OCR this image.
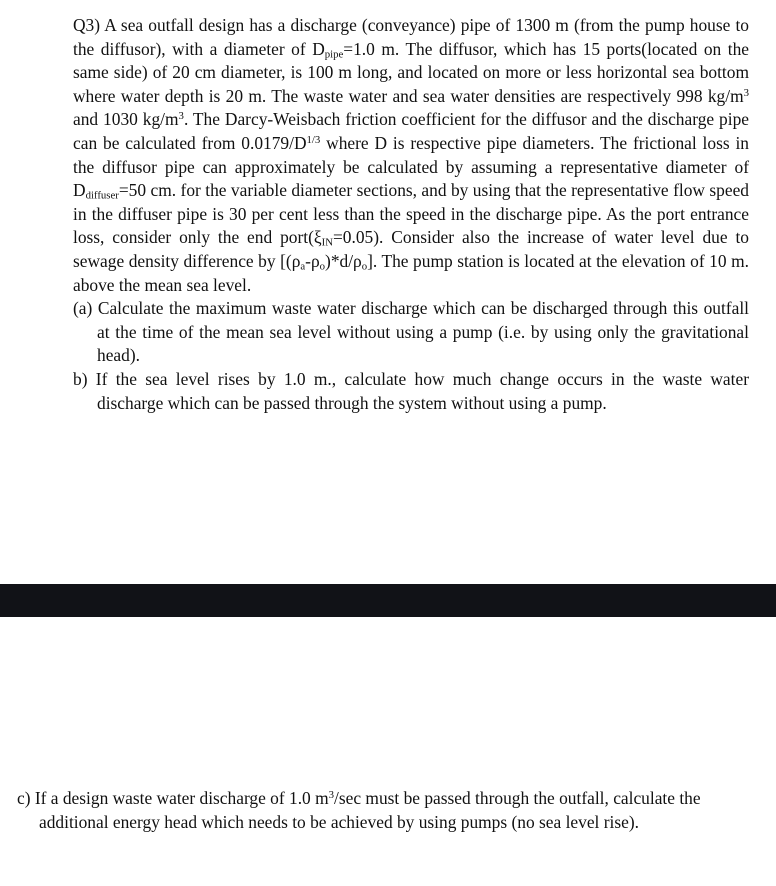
Q3) A sea outfall design has a discharge (conveyance) pipe of 1300 m (from the pump house to the diffusor), with a diameter of $D_{pipe}=1.0$ m. The diffusor, which has 15 ports(located on the same side) of 20 cm diameter, is 100 m long, and located on more or less horizontal sea bottom where water depth is 20 m. The waste water and sea water densities are respectively 998 $kg/m^3$ and 1030 $kg/m^3$. The Darcy-Weisbach friction coefficient for the diffusor and the discharge pipe can be calculated from $0.0179/D^{1/3}$ where D is respective pipe diameters. The frictional loss in the diffusor pipe can approximately be calculated by assuming a representative diameter of $D_{diffuser}=50$ cm. for the variable diameter sections, and by using that the representative flow speed in the diffuser pipe is 30 per cent less than the speed in the discharge pipe. As the port entrance loss, consider only the end $port(\xi_{IN}=0.05)$. Consider also the increase of water level due to sewage density difference by $[(\rho_a-\rho_o)*d/\rho_o]$. The pump station is located at the elevation of 10 m. above the mean sea level.

(a) Calculate the maximum waste water discharge which can be discharged through this outfall at the time of the mean sea level without using a pump (i.e. by using only the gravitational head).

b) If the sea level rises by 1.0 m., calculate how much change occurs in the waste water discharge which can be passed through the system without using a pump.

c) If a design waste water discharge of 1.0 $m^3/\sec$ must be passed through the outfall, calculate the additional energy head which needs to be achieved by using pumps (no sea level rise).
